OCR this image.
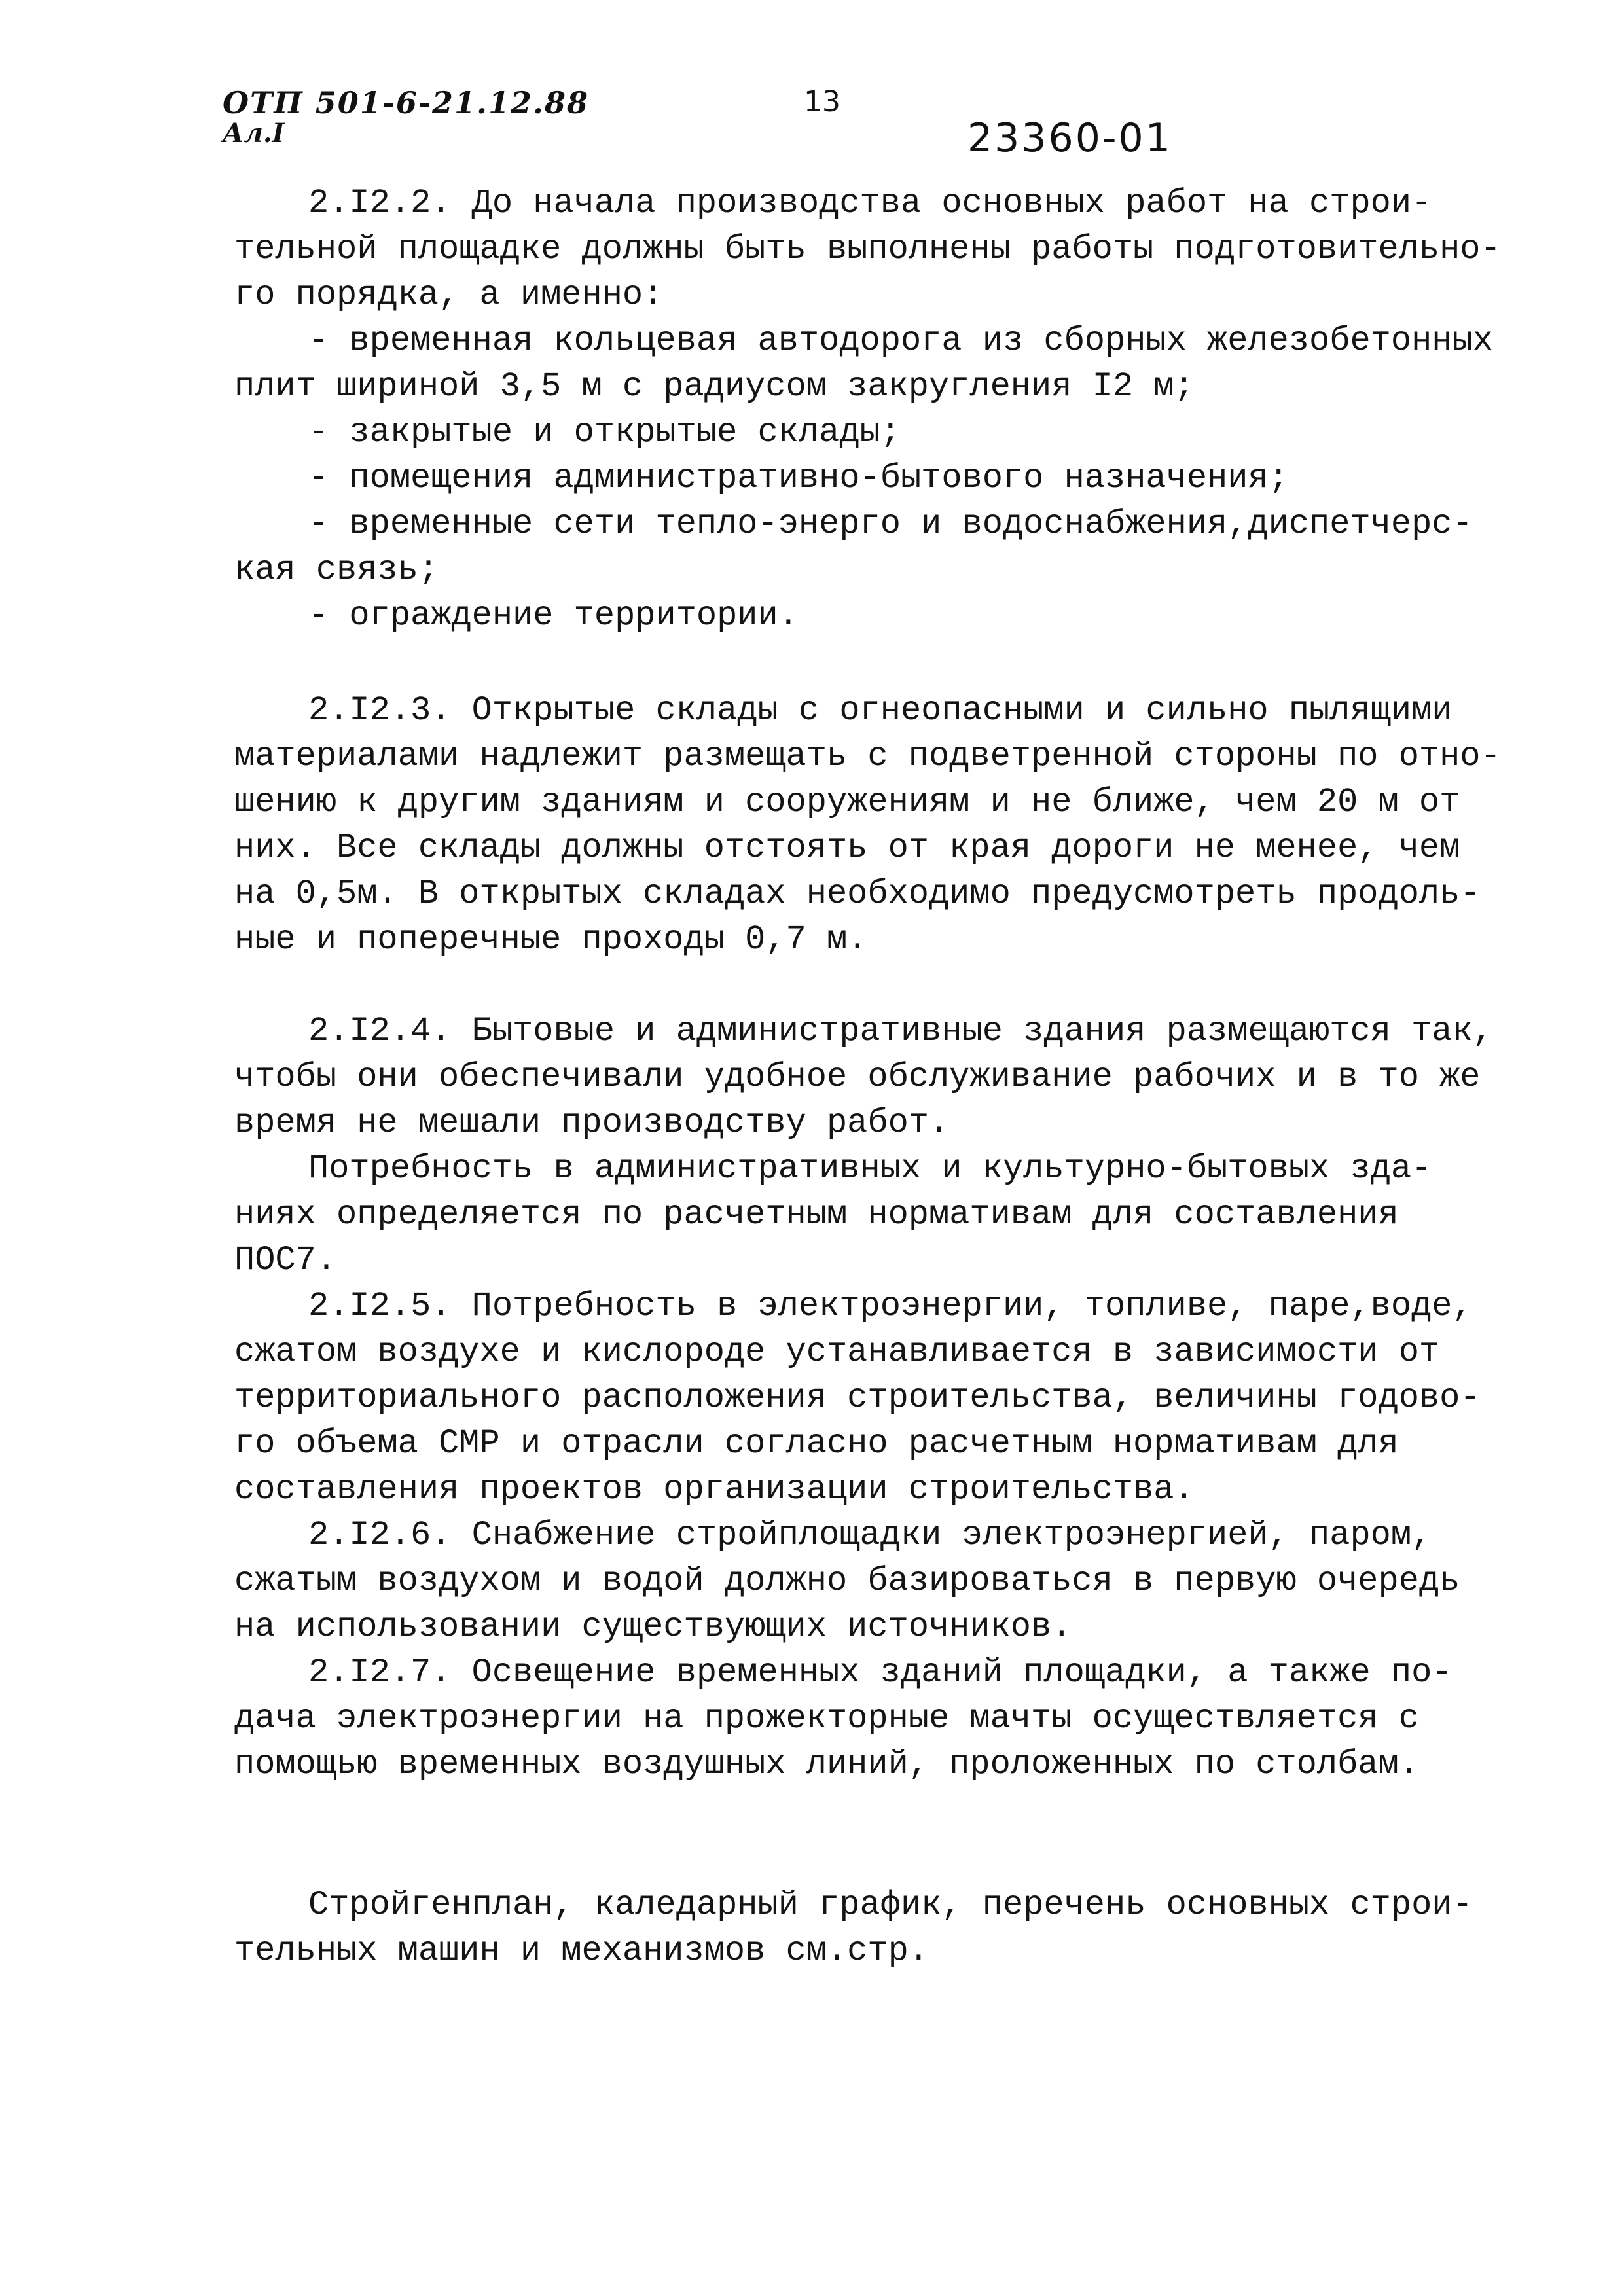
ОТП 501-6-21.12.88
Ал.I
13
23360-01
2.I2.2. До начала производства основных работ на строи-
тельной площадке должны быть выполнены работы подготовительно-
го порядка, а именно:
- временная кольцевая автодорога из сборных железобетонных
плит шириной 3,5 м с радиусом закругления I2 м;
- закрытые и открытые склады;
- помещения административно-бытового назначения;
- временные сети тепло-энерго и водоснабжения,диспетчерс-
кая связь;
- ограждение территории.
2.I2.3. Открытые склады с огнеопасными и сильно пылящими
материалами надлежит размещать с подветренной стороны по отно-
шению к другим зданиям и сооружениям и не ближе, чем 20 м от
них. Все склады должны отстоять от края дороги не менее, чем
на 0,5м. В открытых складах необходимо предусмотреть продоль-
ные и поперечные проходы 0,7 м.
2.I2.4. Бытовые и административные здания размещаются так,
чтобы они обеспечивали удобное обслуживание рабочих и в то же
время не мешали производству работ.
Потребность в административных и культурно-бытовых зда-
ниях определяется по расчетным нормативам для составления
ПОС7.
2.I2.5. Потребность в электроэнергии, топливе, паре,воде,
сжатом воздухе и кислороде устанавливается в зависимости от
территориального расположения строительства, величины годово-
го объема СМР и отрасли согласно расчетным нормативам для
составления проектов организации строительства.
2.I2.6. Снабжение стройплощадки электроэнергией, паром,
сжатым воздухом и водой должно базироваться в первую очередь
на использовании существующих источников.
2.I2.7. Освещение временных зданий площадки, а также по-
дача электроэнергии на прожекторные мачты осуществляется с
помощью временных воздушных линий, проложенных по столбам.
Стройгенплан, каледарный график, перечень основных строи-
тельных машин и механизмов см.стр.
